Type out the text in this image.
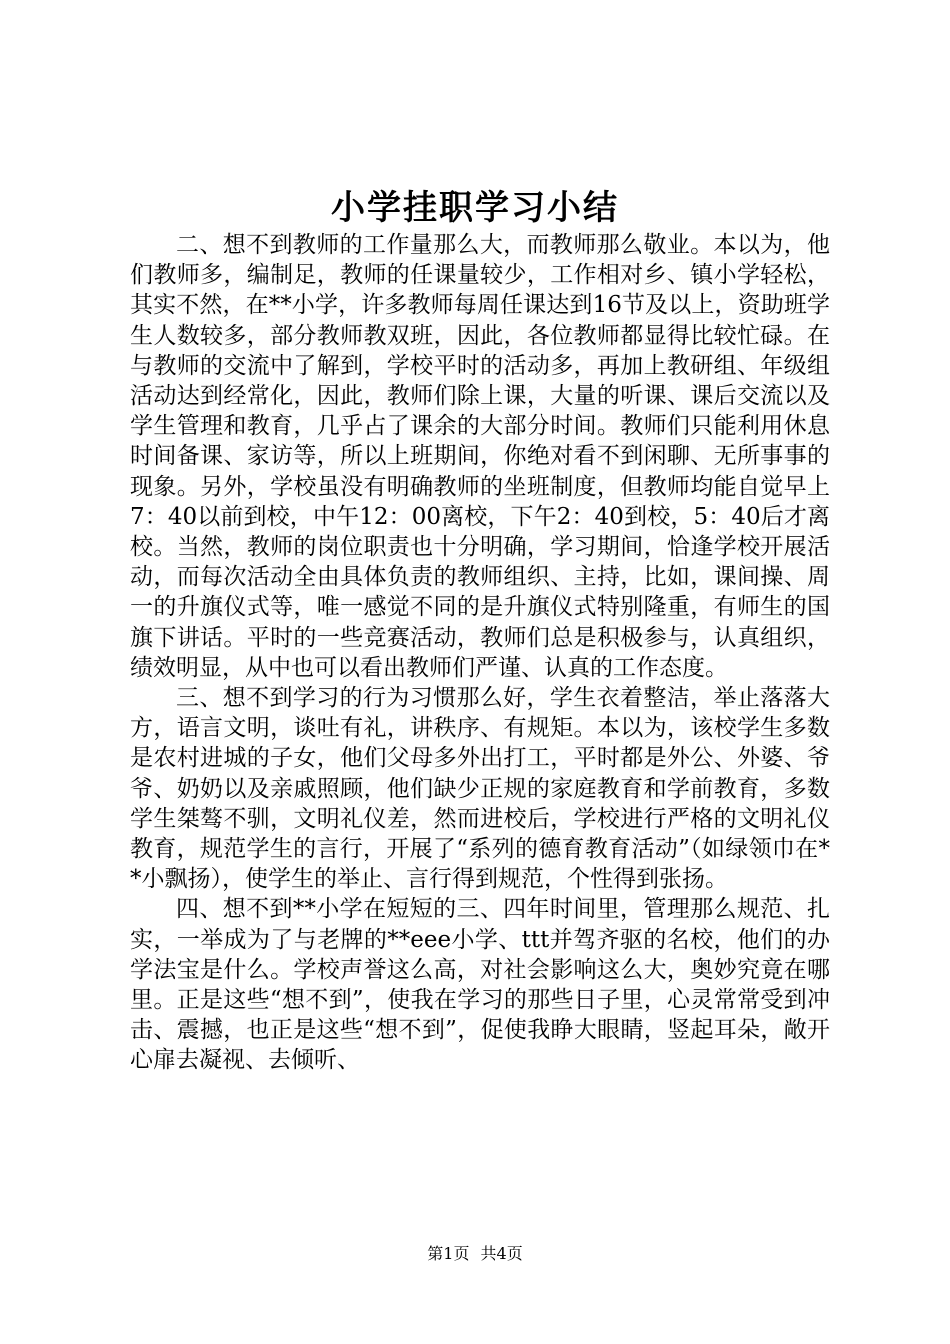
小学挂职学习小结

二、想不到教师的工作量那么大，而教师那么敬业。本以为，他们教师多，编制足，教师的任课量较少，工作相对乡、镇小学轻松，其实不然，在**小学，许多教师每周任课达到16节及以上，资助班学生人数较多，部分教师教双班，因此，各位教师都显得比较忙碌。在与教师的交流中了解到，学校平时的活动多，再加上教研组、年级组活动达到经常化，因此，教师们除上课，大量的听课、课后交流以及学生管理和教育，几乎占了课余的大部分时间。教师们只能利用休息时间备课、家访等，所以上班期间，你绝对看不到闲聊、无所事事的现象。另外，学校虽没有明确教师的坐班制度，但教师均能自觉早上7：40以前到校，中午12：00离校，下午2：40到校，5：40后才离校。当然，教师的岗位职责也十分明确，学习期间，恰逢学校开展活动，而每次活动全由具体负责的教师组织、主持，比如，课间操、周一的升旗仪式等，唯一感觉不同的是升旗仪式特别隆重，有师生的国旗下讲话。平时的一些竞赛活动，教师们总是积极参与，认真组织，绩效明显，从中也可以看出教师们严谨、认真的工作态度。

三、想不到学习的行为习惯那么好，学生衣着整洁，举止落落大方，语言文明，谈吐有礼，讲秩序、有规矩。本以为，该校学生多数是农村进城的子女，他们父母多外出打工，平时都是外公、外婆、爷爷、奶奶以及亲戚照顾，他们缺少正规的家庭教育和学前教育，多数学生桀骜不驯，文明礼仪差，然而进校后，学校进行严格的文明礼仪教育，规范学生的言行，开展了“系列的德育教育活动”（如绿领巾在**小飘扬），使学生的举止、言行得到规范，个性得到张扬。

四、想不到**小学在短短的三、四年时间里，管理那么规范、扎实，一举成为了与老牌的**eee小学、ttt并驾齐驱的名校，他们的办学法宝是什么。学校声誉这么高，对社会影响这么大，奥妙究竟在哪里。正是这些“想不到”，使我在学习的那些日子里，心灵常常受到冲击、震撼，也正是这些“想不到”，促使我睁大眼睛，竖起耳朵，敞开心扉去凝视、去倾听、

第1页 共4页
